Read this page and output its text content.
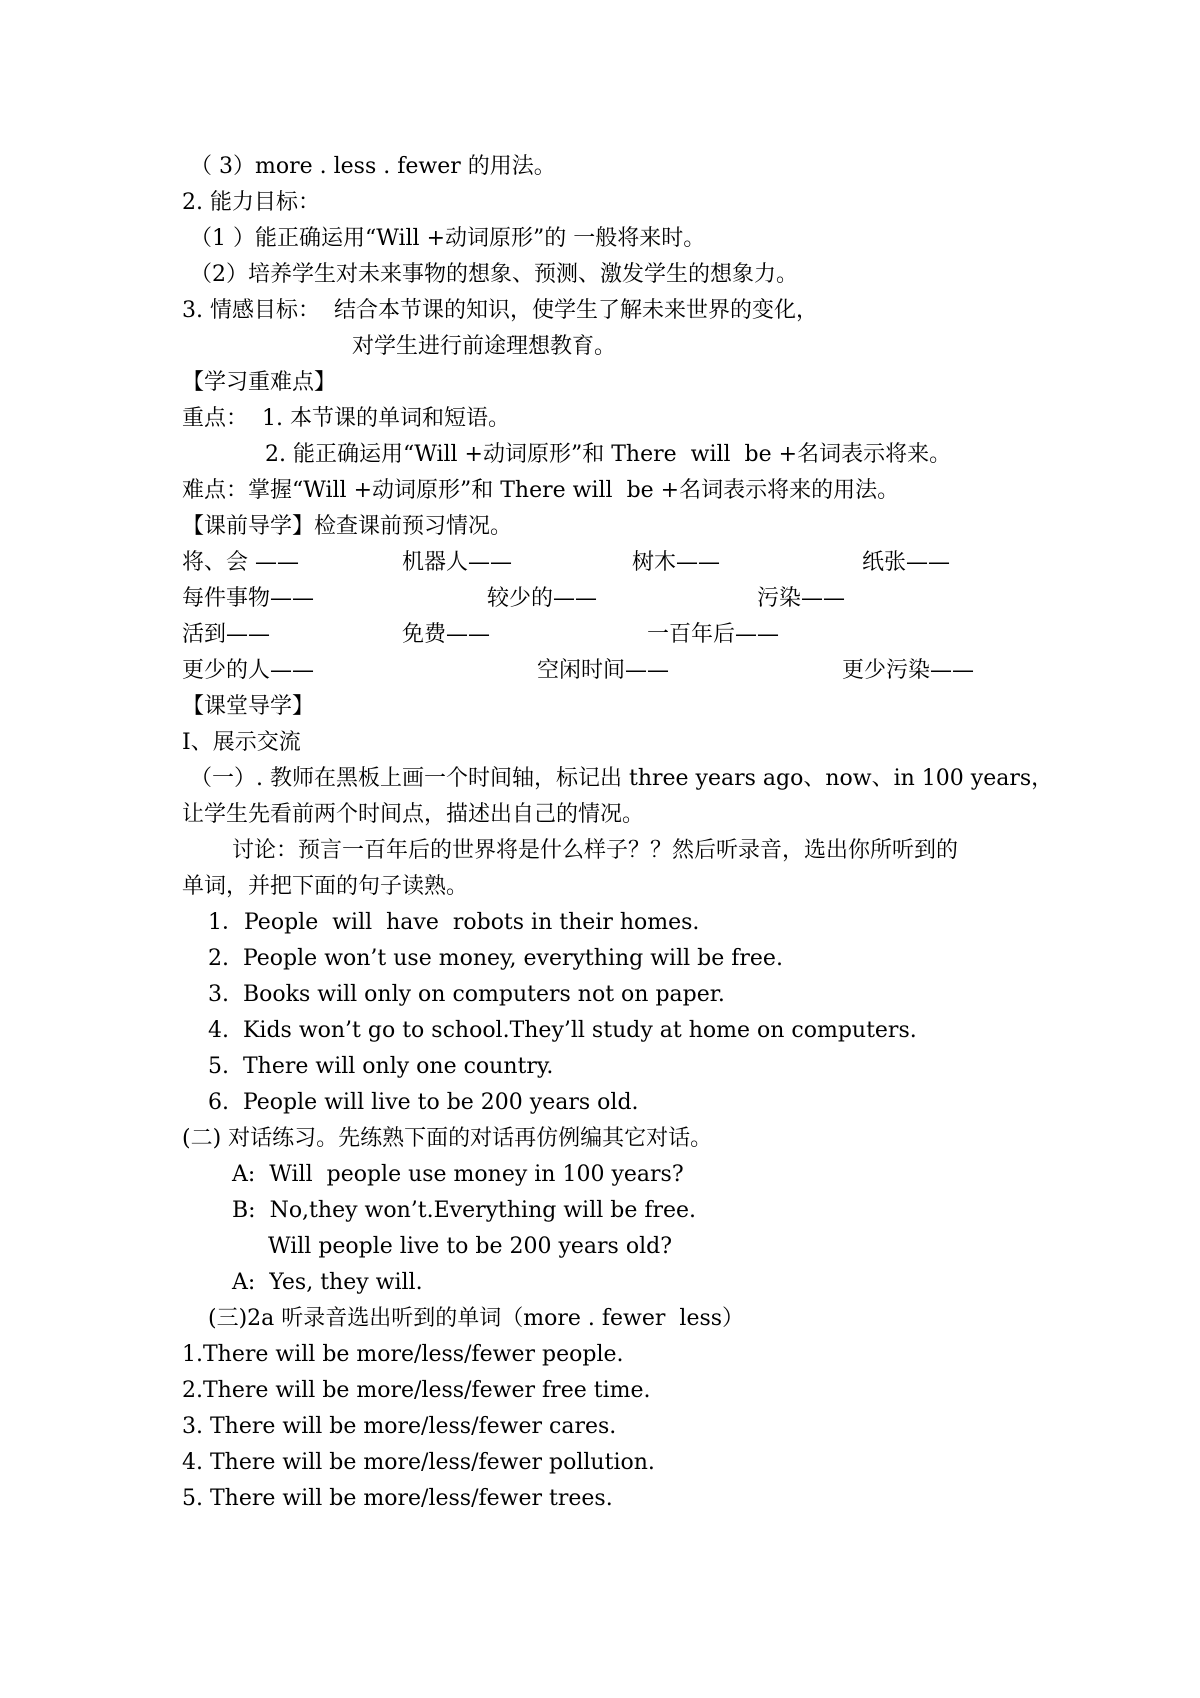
（ 3）more . less . fewer 的用法。
2. 能力目标：
（1 ）能正确运用“Will +动词原形”的 一般将来时。
（2）培养学生对未来事物的想象、预测、激发学生的想象力。
3. 情感目标：  结合本节课的知识，使学生了解未来世界的变化，
对学生进行前途理想教育。
【学习重难点】
重点：  1. 本节课的单词和短语。
2. 能正确运用“Will +动词原形”和 There  will  be +名词表示将来。
难点：掌握“Will +动词原形”和 There will  be +名词表示将来的用法。
【课前导学】检查课前预习情况。
将、会 ——	机器人——	树木——	纸张——
每件事物——	较少的——	污染——
活到——	免费——	一百年后——
更少的人——	空闲时间——	更少污染——
【课堂导学】
I、展示交流
（一）. 教师在黑板上画一个时间轴，标记出 three years ago、now、in 100 years，
让学生先看前两个时间点，描述出自己的情况。
讨论：预言一百年后的世界将是什么样子？？然后听录音，选出你所听到的
单词，并把下面的句子读熟。
1．People  will  have  robots in their homes.
2.  People won’t use money, everything will be free.
3.  Books will only on computers not on paper.
4.  Kids won’t go to school.They’ll study at home on computers.
5.  There will only one country.
6.  People will live to be 200 years old.
(二) 对话练习。先练熟下面的对话再仿例编其它对话。
A:  Will  people use money in 100 years?
B:  No,they won’t.Everything will be free.
Will people live to be 200 years old?
A:  Yes, they will.
(三)2a 听录音选出听到的单词（more . fewer  less）
1.There will be more/less/fewer people.
2.There will be more/less/fewer free time.
3. There will be more/less/fewer cares.
4. There will be more/less/fewer pollution.
5. There will be more/less/fewer trees.
